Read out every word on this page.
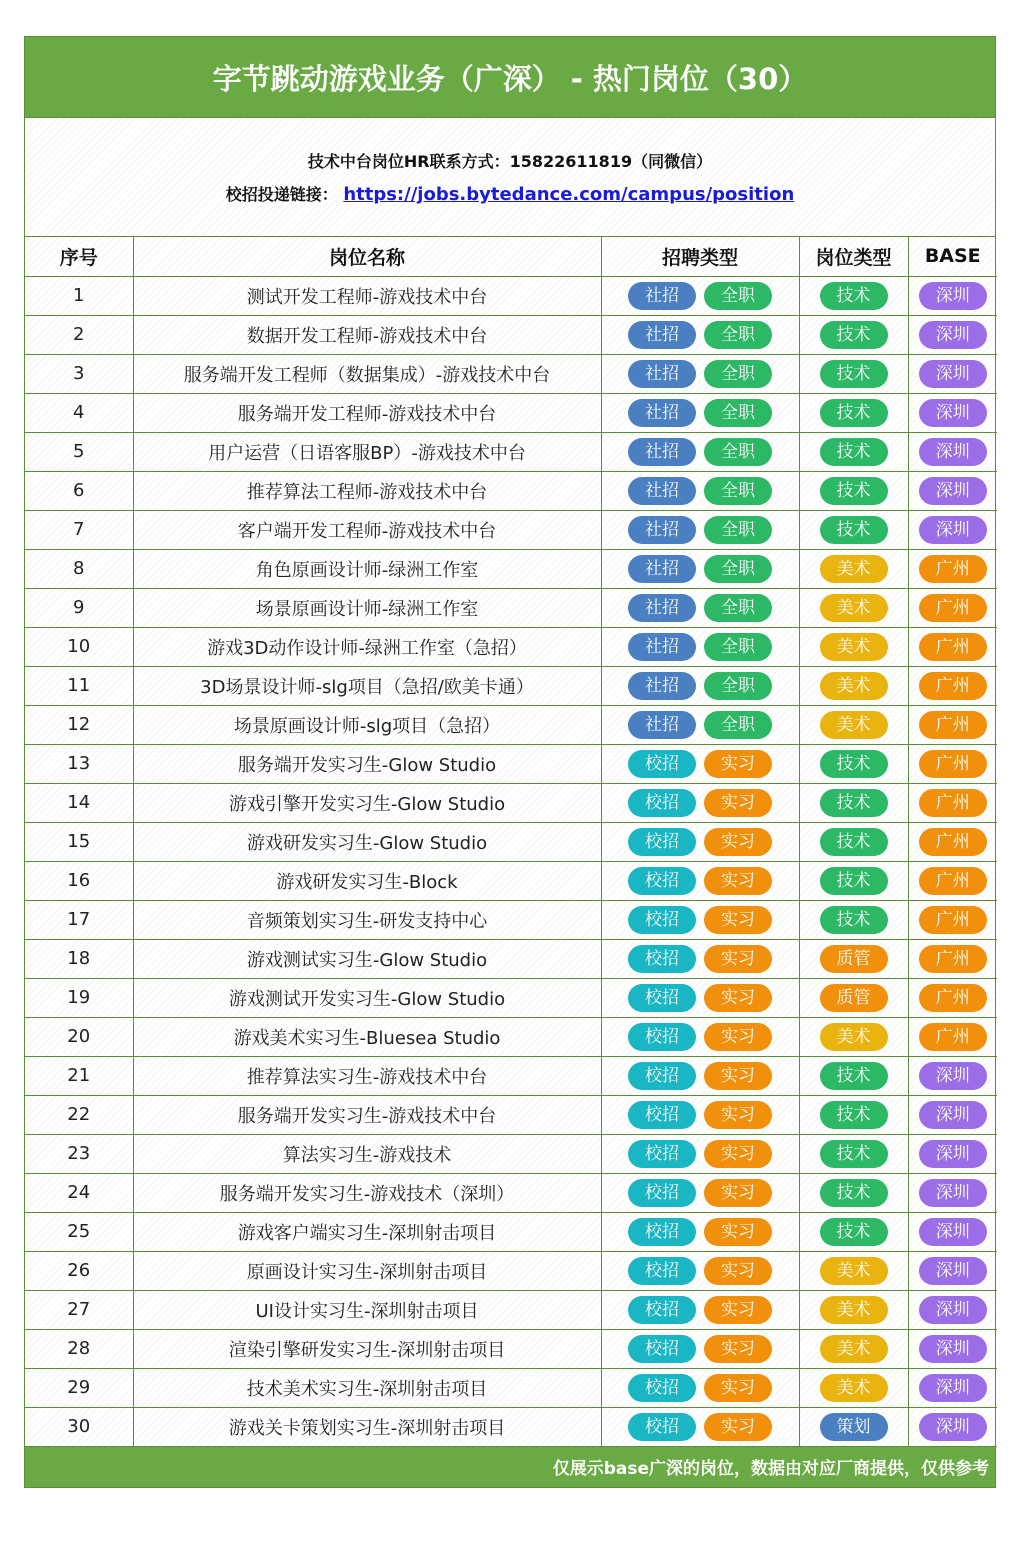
字节跳动游戏业务（广深） - 热门岗位（30）
技术中台岗位HR联系方式：15822611819（同微信）
校招投递链接： https://jobs.bytedance.com/campus/position
序号	岗位名称	招聘类型	岗位类型	BASE
1	测试开发工程师-游戏技术中台	社招 全职	技术	深圳
2	数据开发工程师-游戏技术中台	社招 全职	技术	深圳
3	服务端开发工程师（数据集成）-游戏技术中台	社招 全职	技术	深圳
4	服务端开发工程师-游戏技术中台	社招 全职	技术	深圳
5	用户运营（日语客服BP）-游戏技术中台	社招 全职	技术	深圳
6	推荐算法工程师-游戏技术中台	社招 全职	技术	深圳
7	客户端开发工程师-游戏技术中台	社招 全职	技术	深圳
8	角色原画设计师-绿洲工作室	社招 全职	美术	广州
9	场景原画设计师-绿洲工作室	社招 全职	美术	广州
10	游戏3D动作设计师-绿洲工作室（急招）	社招 全职	美术	广州
11	3D场景设计师-slg项目（急招/欧美卡通）	社招 全职	美术	广州
12	场景原画设计师-slg项目（急招）	社招 全职	美术	广州
13	服务端开发实习生-Glow Studio	校招 实习	技术	广州
14	游戏引擎开发实习生-Glow Studio	校招 实习	技术	广州
15	游戏研发实习生-Glow Studio	校招 实习	技术	广州
16	游戏研发实习生-Block	校招 实习	技术	广州
17	音频策划实习生-研发支持中心	校招 实习	技术	广州
18	游戏测试实习生-Glow Studio	校招 实习	质管	广州
19	游戏测试开发实习生-Glow Studio	校招 实习	质管	广州
20	游戏美术实习生-Bluesea Studio	校招 实习	美术	广州
21	推荐算法实习生-游戏技术中台	校招 实习	技术	深圳
22	服务端开发实习生-游戏技术中台	校招 实习	技术	深圳
23	算法实习生-游戏技术	校招 实习	技术	深圳
24	服务端开发实习生-游戏技术（深圳）	校招 实习	技术	深圳
25	游戏客户端实习生-深圳射击项目	校招 实习	技术	深圳
26	原画设计实习生-深圳射击项目	校招 实习	美术	深圳
27	UI设计实习生-深圳射击项目	校招 实习	美术	深圳
28	渲染引擎研发实习生-深圳射击项目	校招 实习	美术	深圳
29	技术美术实习生-深圳射击项目	校招 实习	美术	深圳
30	游戏关卡策划实习生-深圳射击项目	校招 实习	策划	深圳
仅展示base广深的岗位，数据由对应厂商提供，仅供参考
